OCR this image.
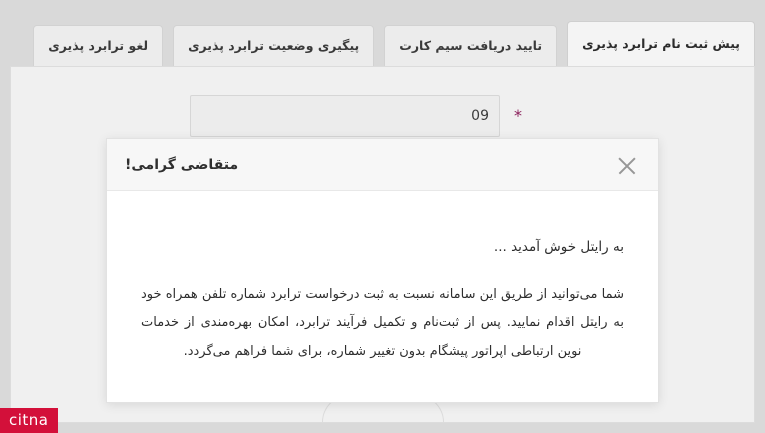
پیش ثبت نام ترابرد پذیری
تایید دریافت سیم کارت
پیگیری وضعیت ترابرد پذیری
لغو ترابرد پذیری
*
09
متقاضی گرامی!

به رایتل خوش آمدید ...

شما می‌توانید از طریق این سامانه نسبت به ثبت درخواست ترابرد شماره تلفن همراه خود به رایتل اقدام نمایید. پس از ثبت‌نام و تکمیل فرآیند ترابرد، امکان بهره‌مندی از خدمات نوین ارتباطی اپراتور پیشگام بدون تغییر شماره، برای شما فراهم می‌گردد.

citna
